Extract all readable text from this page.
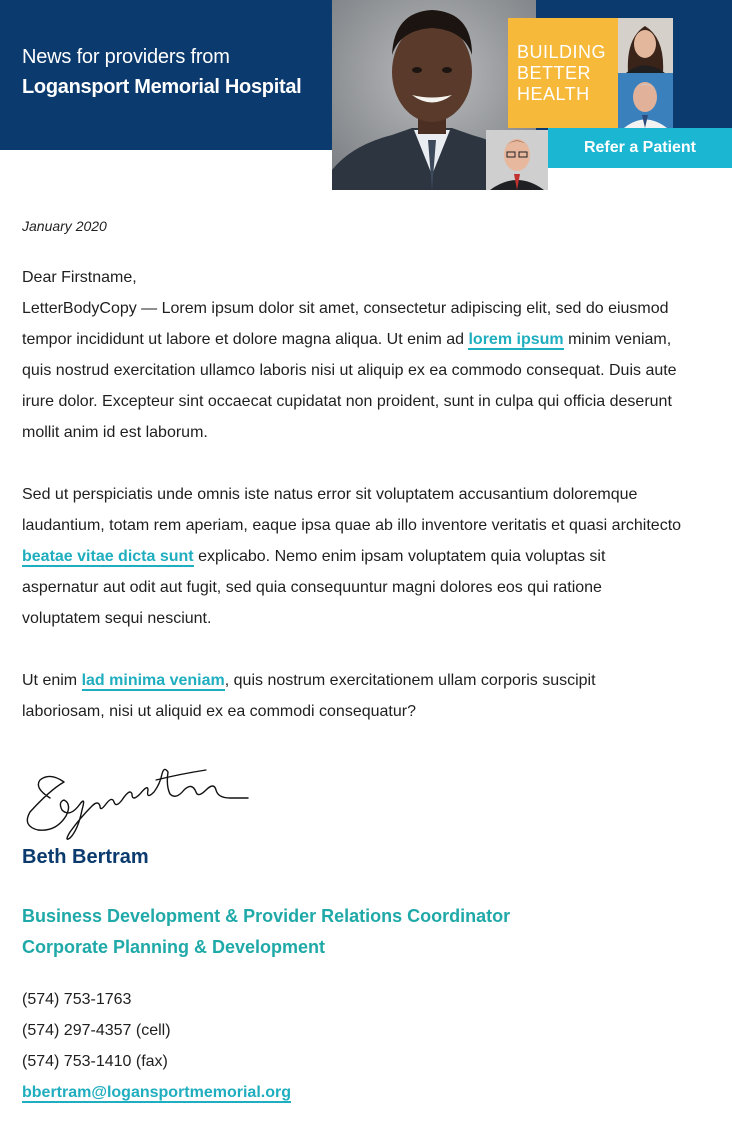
News for providers from
Logansport Memorial Hospital
BUILDING
BETTER
HEALTH
Refer a Patient
January 2020

Dear Firstname,

LetterBodyCopy — Lorem ipsum dolor sit amet, consectetur adipiscing elit, sed do eiusmod tempor incididunt ut labore et dolore magna aliqua. Ut enim ad lorem ipsum minim veniam, quis nostrud exercitation ullamco laboris nisi ut aliquip ex ea commodo consequat. Duis aute irure dolor. Excepteur sint occaecat cupidatat non proident, sunt in culpa qui officia deserunt mollit anim id est laborum.

Sed ut perspiciatis unde omnis iste natus error sit voluptatem accusantium doloremque laudantium, totam rem aperiam, eaque ipsa quae ab illo inventore veritatis et quasi architecto beatae vitae dicta sunt explicabo. Nemo enim ipsam voluptatem quia voluptas sit aspernatur aut odit aut fugit, sed quia consequuntur magni dolores eos qui ratione voluptatem sequi nesciunt.

Ut enim lad minima veniam, quis nostrum exercitationem ullam corporis suscipit laboriosam, nisi ut aliquid ex ea commodi consequatur?

Beth Bertram
Business Development & Provider Relations Coordinator
Corporate Planning & Development
(574) 753-1763
(574) 297-4357 (cell)
(574) 753-1410 (fax)
bbertram@logansportmemorial.org
